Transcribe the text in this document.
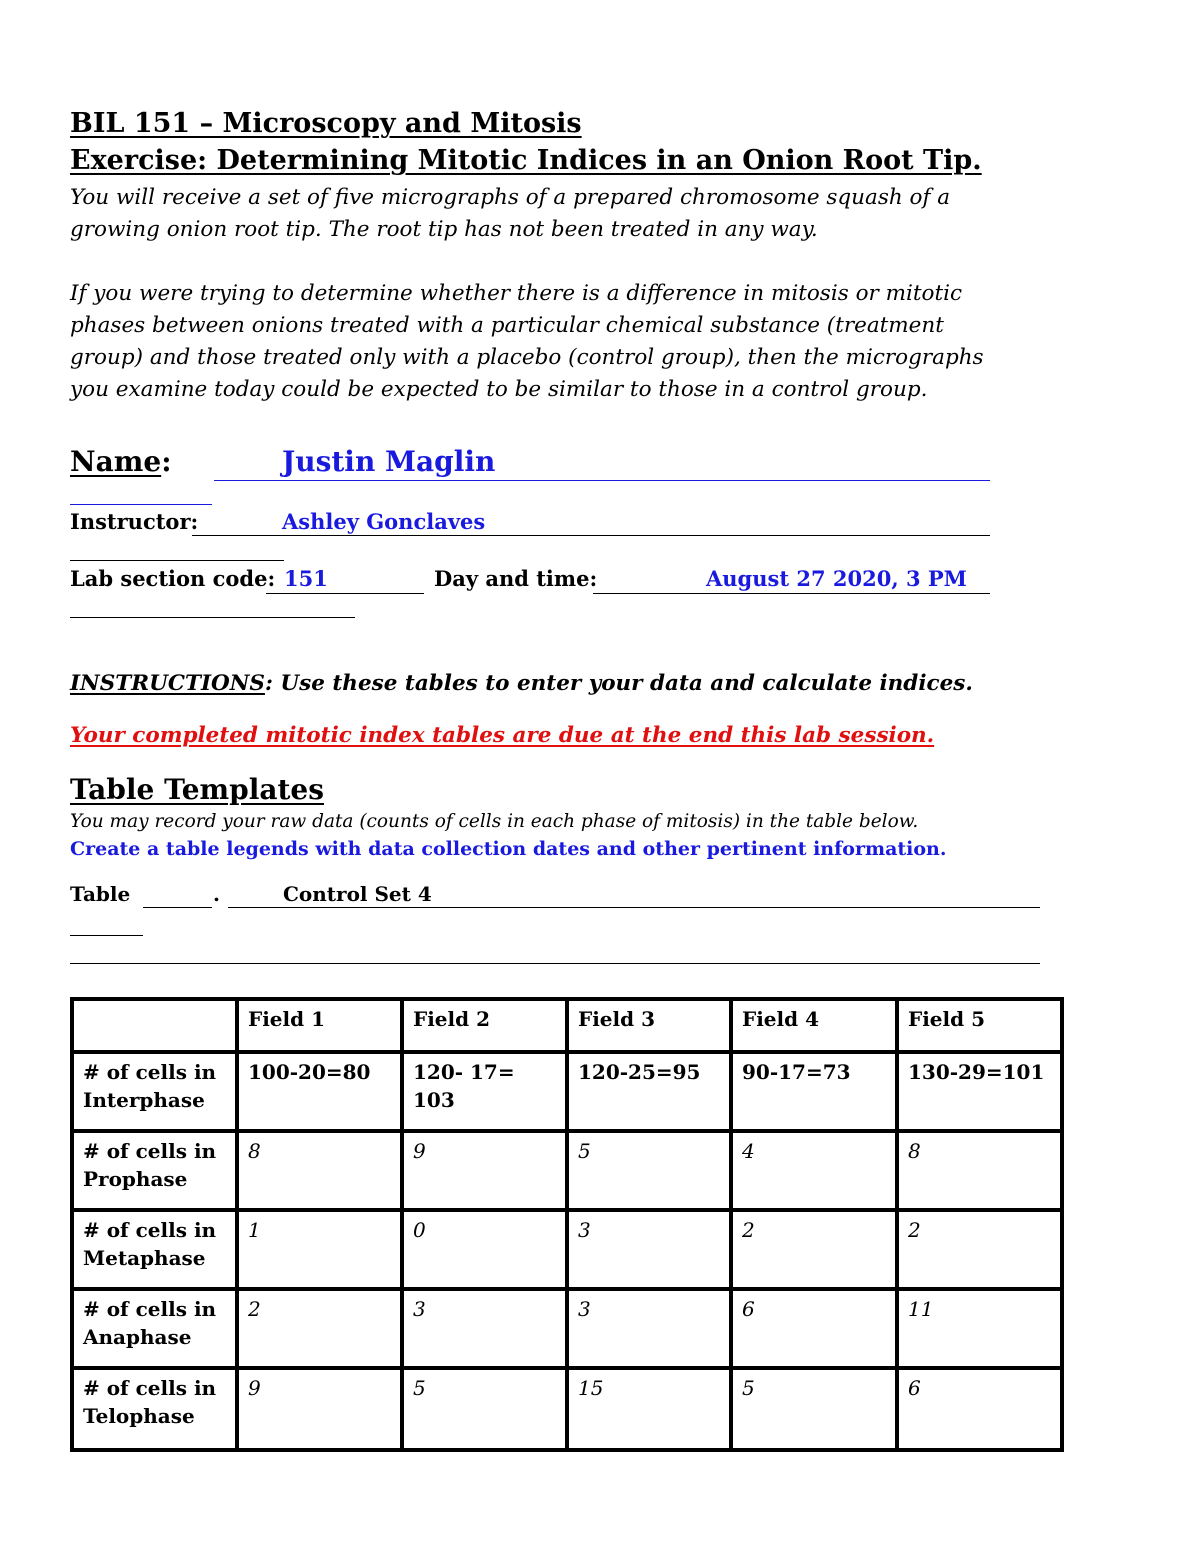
BIL 151 – Microscopy and Mitosis
Exercise: Determining Mitotic Indices in an Onion Root Tip.
You will receive a set of five micrographs of a prepared chromosome squash of a
growing onion root tip. The root tip has not been treated in any way.
If you were trying to determine whether there is a difference in mitosis or mitotic
phases between onions treated with a particular chemical substance (treatment
group) and those treated only with a placebo (control group), then the micrographs
you examine today could be expected to be similar to those in a control group.
Name:	Justin Maglin
Instructor:	Ashley Gonclaves
Lab section code: 151	Day and time:	August 27 2020, 3 PM
INSTRUCTIONS: Use these tables to enter your data and calculate indices.
Your completed mitotic index tables are due at the end this lab session.
Table Templates
You may record your raw data (counts of cells in each phase of mitosis) in the table below.
Create a table legends with data collection dates and other pertinent information.
Table	.	Control Set 4
	Field 1	Field 2	Field 3	Field 4	Field 5
# of cells in Interphase	100-20=80	120- 17= 103	120-25=95	90-17=73	130-29=101
# of cells in Prophase	8	9	5	4	8
# of cells in Metaphase	1	0	3	2	2
# of cells in Anaphase	2	3	3	6	11
# of cells in Telophase	9	5	15	5	6
